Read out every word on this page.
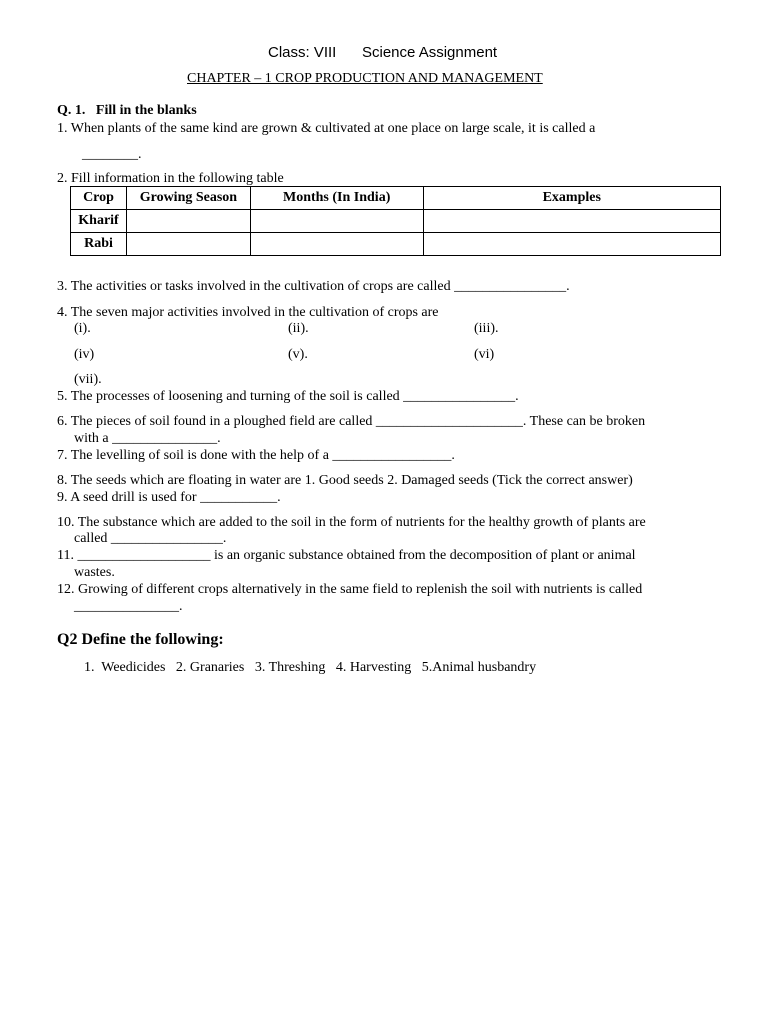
Class: VIII Science Assignment
CHAPTER – 1 CROP PRODUCTION AND MANAGEMENT
Q. 1. Fill in the blanks
1. When plants of the same kind are grown & cultivated at one place on large scale, it is called a
________.
2. Fill information in the following table
Crop	Growing Season	Months (In India)	Examples
Kharif			
Rabi			
3. The activities or tasks involved in the cultivation of crops are called ________________.
4. The seven major activities involved in the cultivation of crops are
(i).	(ii).	(iii).
(iv)	(v).	(vi)
(vii).
5. The processes of loosening and turning of the soil is called ________________.
6. The pieces of soil found in a ploughed field are called _____________________. These can be broken
with a _______________.
7. The levelling of soil is done with the help of a _________________.
8. The seeds which are floating in water are 1. Good seeds 2. Damaged seeds (Tick the correct answer)
9. A seed drill is used for ___________.
10. The substance which are added to the soil in the form of nutrients for the healthy growth of plants are
called ________________.
11. ___________________ is an organic substance obtained from the decomposition of plant or animal
wastes.
12. Growing of different crops alternatively in the same field to replenish the soil with nutrients is called
_______________.
Q2 Define the following:
1.  Weedicides   2. Granaries   3. Threshing   4. Harvesting   5.Animal husbandry
